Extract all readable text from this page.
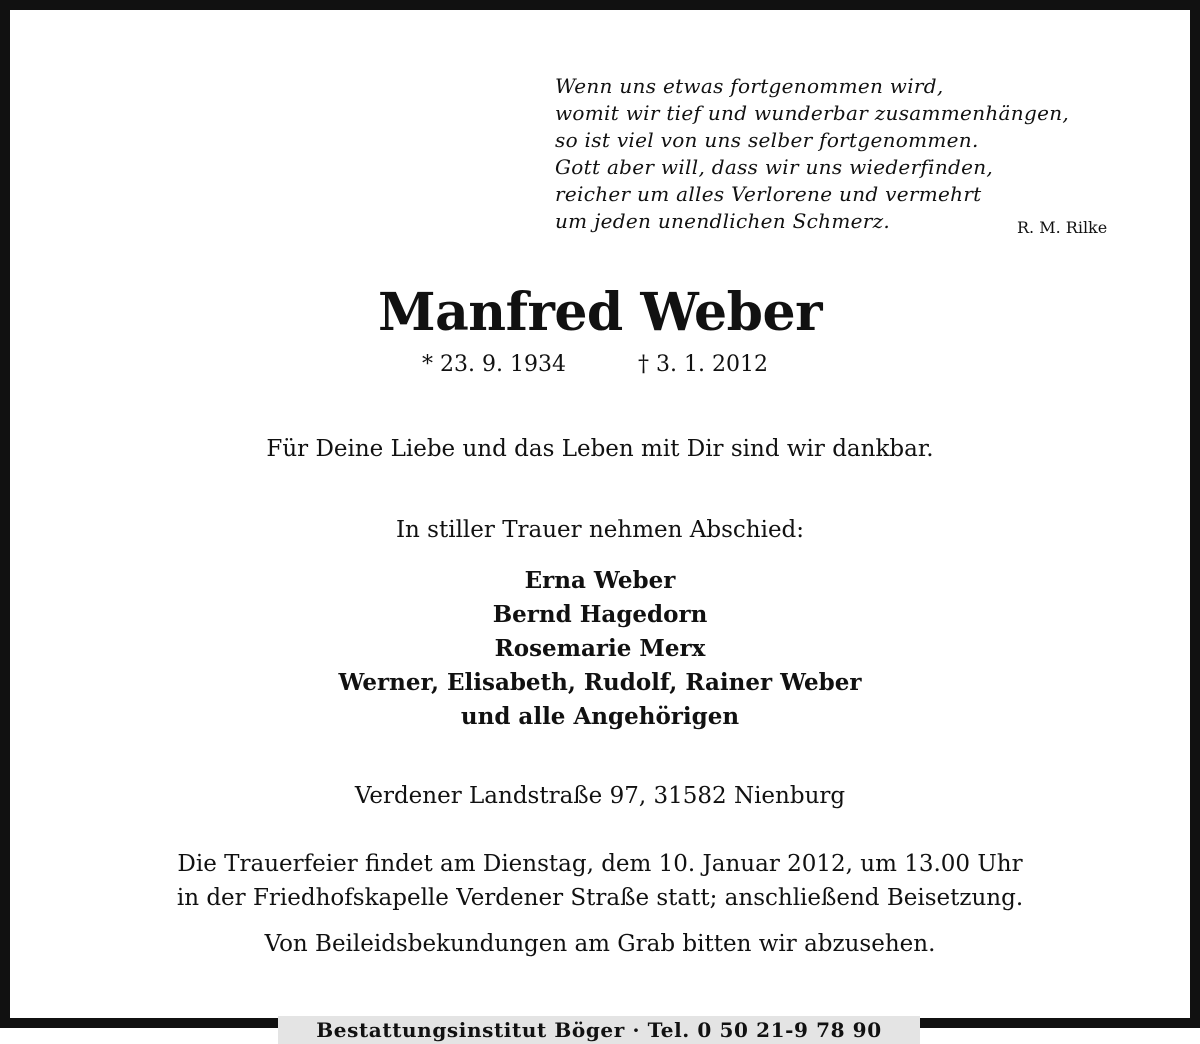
Wenn uns etwas fortgenommen wird,
womit wir tief und wunderbar zusammenhängen,
so ist viel von uns selber fortgenommen.
Gott aber will, dass wir uns wiederfinden,
reicher um alles Verlorene und vermehrt
um jeden unendlichen Schmerz.	R. M. Rilke
Manfred Weber
* 23. 9. 1934	† 3. 1. 2012
Für Deine Liebe und das Leben mit Dir sind wir dankbar.
In stiller Trauer nehmen Abschied:
Erna Weber
Bernd Hagedorn
Rosemarie Merx
Werner, Elisabeth, Rudolf, Rainer Weber
und alle Angehörigen
Verdener Landstraße 97, 31582 Nienburg
Die Trauerfeier findet am Dienstag, dem 10. Januar 2012, um 13.00 Uhr
in der Friedhofskapelle Verdener Straße statt; anschließend Beisetzung.
Von Beileidsbekundungen am Grab bitten wir abzusehen.
Bestattungsinstitut Böger · Tel. 0 50 21-9 78 90
